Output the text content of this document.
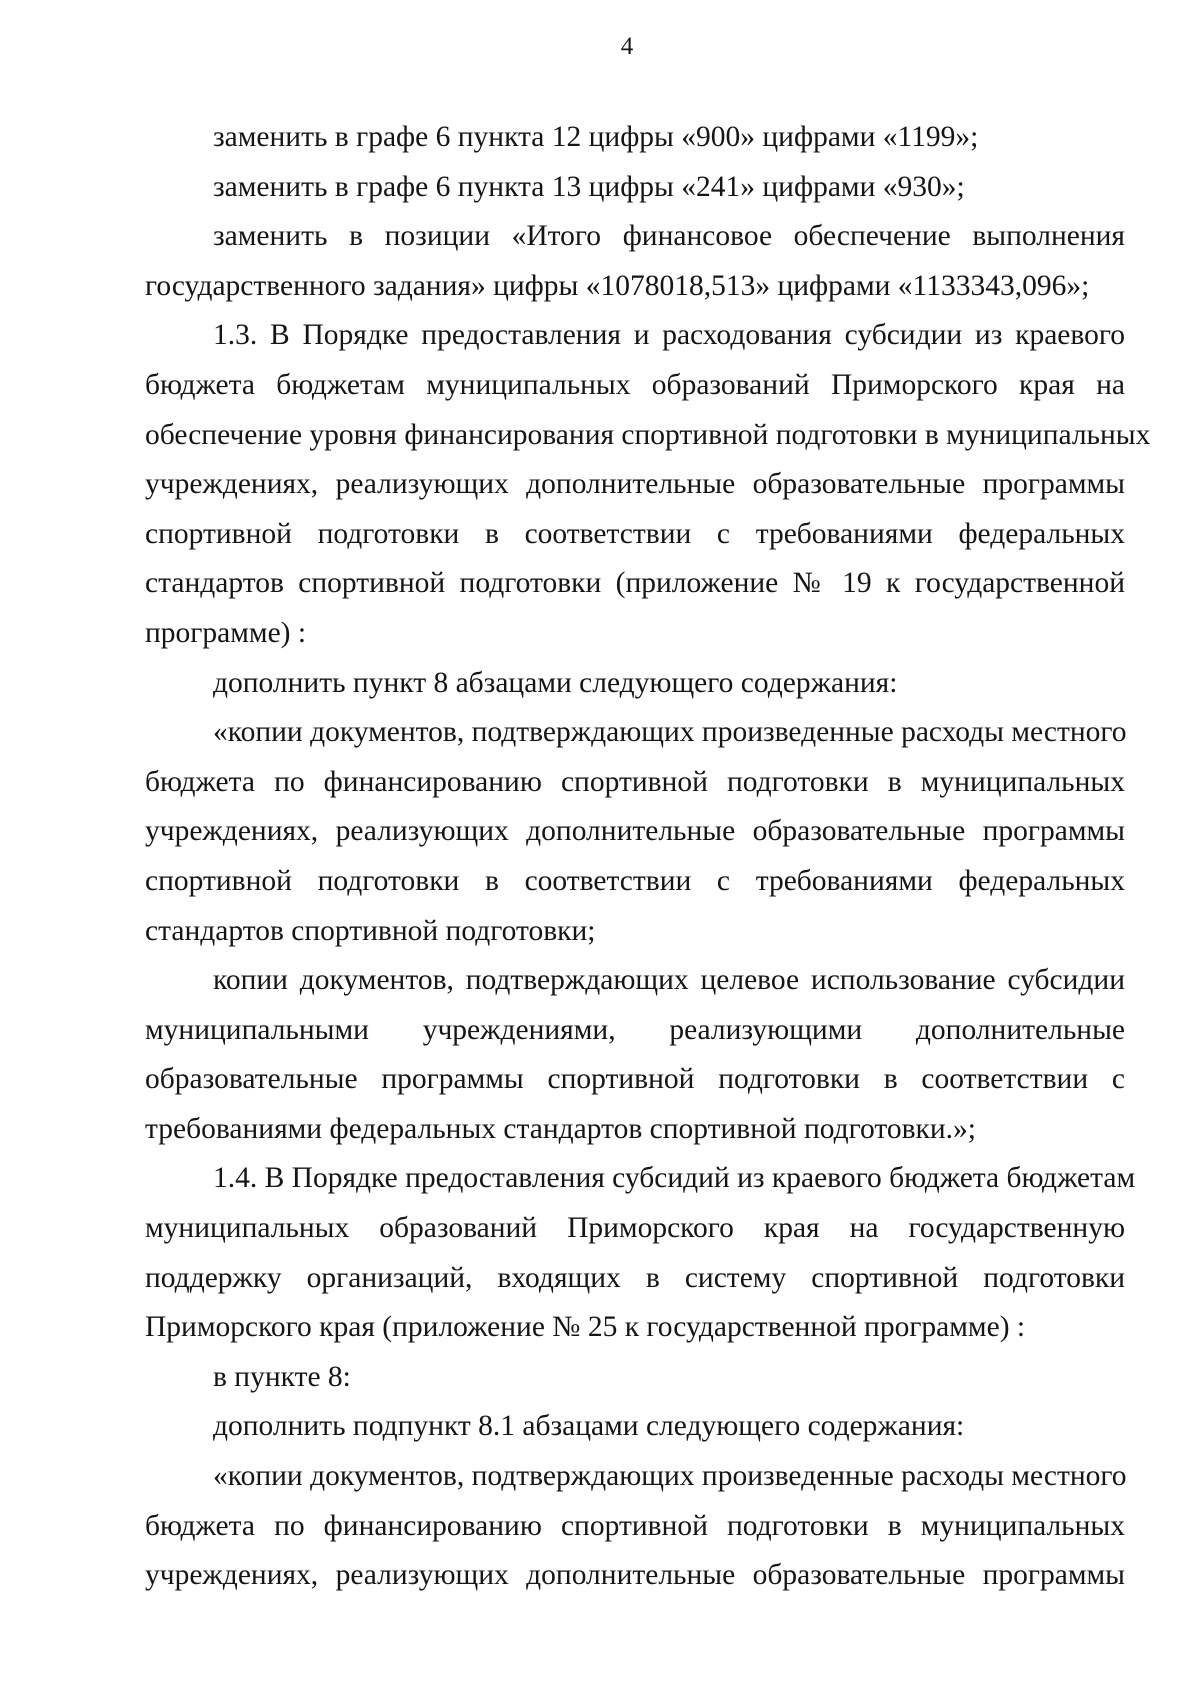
4
заменить в графе 6 пункта 12 цифры «900» цифрами «1199»;
заменить в графе 6 пункта 13 цифры «241» цифрами «930»;
заменить в позиции «Итого финансовое обеспечение выполнения
государственного задания» цифры «1078018,513» цифрами «1133343,096»;
1.3. В Порядке предоставления и расходования субсидии из краевого
бюджета бюджетам муниципальных образований Приморского края на
обеспечение уровня финансирования спортивной подготовки в муниципальных
учреждениях, реализующих дополнительные образовательные программы
спортивной подготовки в соответствии с требованиями федеральных
стандартов спортивной подготовки (приложение № 19 к государственной
программе) :
дополнить пункт 8 абзацами следующего содержания:
«копии документов, подтверждающих произведенные расходы местного
бюджета по финансированию спортивной подготовки в муниципальных
учреждениях, реализующих дополнительные образовательные программы
спортивной подготовки в соответствии с требованиями федеральных
стандартов спортивной подготовки;
копии документов, подтверждающих целевое использование субсидии
муниципальными учреждениями, реализующими дополнительные
образовательные программы спортивной подготовки в соответствии с
требованиями федеральных стандартов спортивной подготовки.»;
1.4. В Порядке предоставления субсидий из краевого бюджета бюджетам
муниципальных образований Приморского края на государственную
поддержку организаций, входящих в систему спортивной подготовки
Приморского края (приложение № 25 к государственной программе) :
в пункте 8:
дополнить подпункт 8.1 абзацами следующего содержания:
«копии документов, подтверждающих произведенные расходы местного
бюджета по финансированию спортивной подготовки в муниципальных
учреждениях, реализующих дополнительные образовательные программы
